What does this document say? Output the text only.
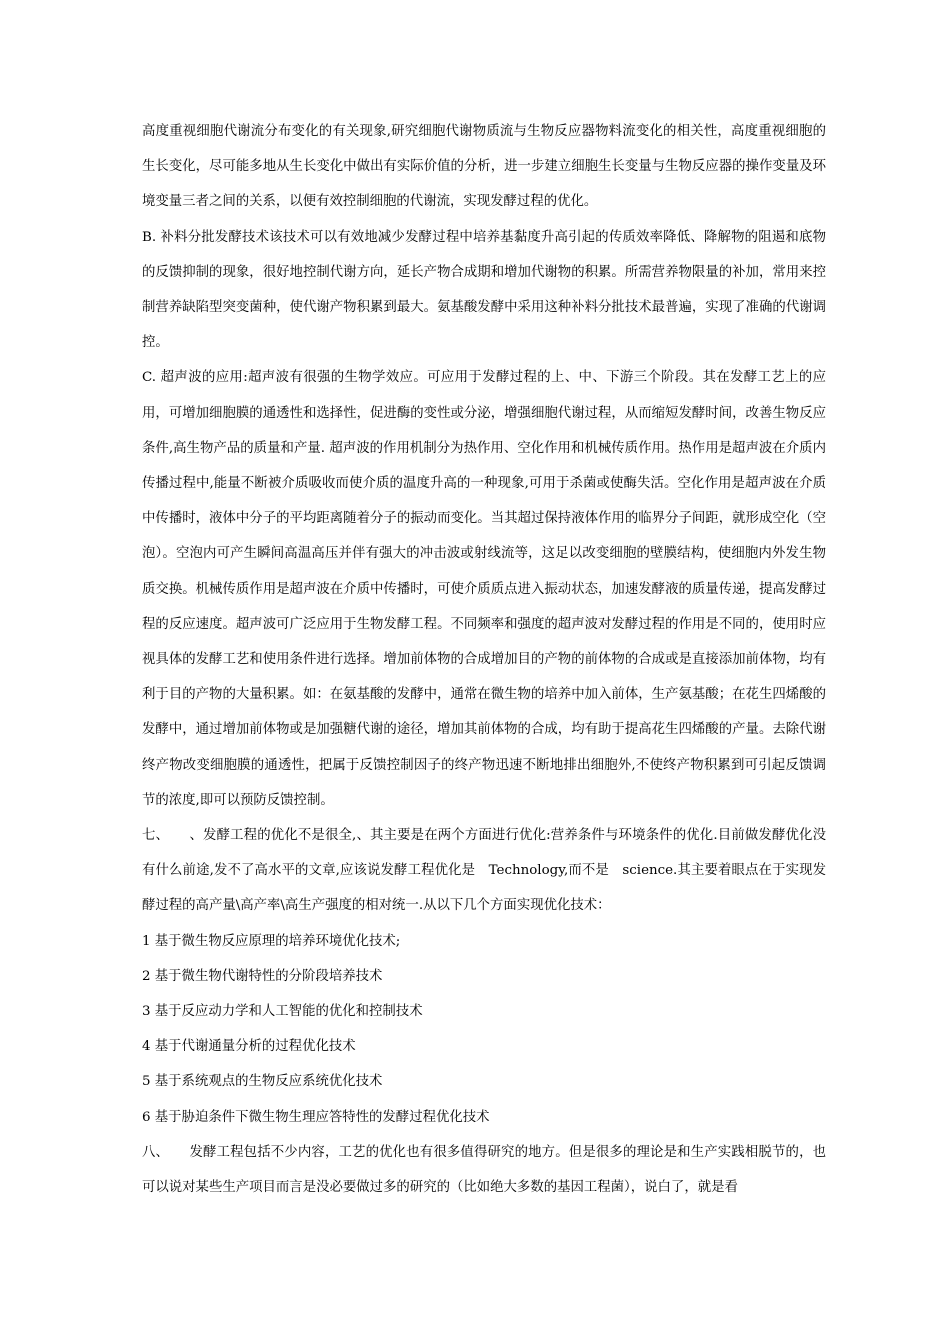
高度重视细胞代谢流分布变化的有关现象,研究细胞代谢物质流与生物反应器物料流变化的相关性，高度重视细胞的生长变化，尽可能多地从生长变化中做出有实际价值的分析，进一步建立细胞生长变量与生物反应器的操作变量及环境变量三者之间的关系，以便有效控制细胞的代谢流，实现发酵过程的优化。

B. 补料分批发酵技术该技术可以有效地减少发酵过程中培养基黏度升高引起的传质效率降低、降解物的阻遏和底物的反馈抑制的现象，很好地控制代谢方向，延长产物合成期和增加代谢物的积累。所需营养物限量的补加，常用来控制营养缺陷型突变菌种，使代谢产物积累到最大。氨基酸发酵中采用这种补料分批技术最普遍，实现了准确的代谢调控。

C. 超声波的应用:超声波有很强的生物学效应。可应用于发酵过程的上、中、下游三个阶段。其在发酵工艺上的应用，可增加细胞膜的通透性和选择性，促进酶的变性或分泌，增强细胞代谢过程，从而缩短发酵时间，改善生物反应条件,高生物产品的质量和产量. 超声波的作用机制分为热作用、空化作用和机械传质作用。热作用是超声波在介质内传播过程中,能量不断被介质吸收而使介质的温度升高的一种现象,可用于杀菌或使酶失活。空化作用是超声波在介质中传播时，液体中分子的平均距离随着分子的振动而变化。当其超过保持液体作用的临界分子间距，就形成空化（空泡）。空泡内可产生瞬间高温高压并伴有强大的冲击波或射线流等，这足以改变细胞的壁膜结构，使细胞内外发生物质交换。机械传质作用是超声波在介质中传播时，可使介质质点进入振动状态，加速发酵液的质量传递，提高发酵过程的反应速度。超声波可广泛应用于生物发酵工程。不同频率和强度的超声波对发酵过程的作用是不同的，使用时应视具体的发酵工艺和使用条件进行选择。增加前体物的合成增加目的产物的前体物的合成或是直接添加前体物，均有利于目的产物的大量积累。如：在氨基酸的发酵中，通常在微生物的培养中加入前体，生产氨基酸；在花生四烯酸的发酵中，通过增加前体物或是加强糖代谢的途径，增加其前体物的合成，均有助于提高花生四烯酸的产量。去除代谢终产物改变细胞膜的通透性，把属于反馈控制因子的终产物迅速不断地排出细胞外,不使终产物积累到可引起反馈调节的浓度,即可以预防反馈控制。

七、　　、发酵工程的优化不是很全,、其主要是在两个方面进行优化:营养条件与环境条件的优化.目前做发酵优化没有什么前途,发不了高水平的文章,应该说发酵工程优化是　Technology,而不是　science.其主要着眼点在于实现发酵过程的高产量\高产率\高生产强度的相对统一.从以下几个方面实现优化技术：

1 基于微生物反应原理的培养环境优化技术;

2 基于微生物代谢特性的分阶段培养技术

3 基于反应动力学和人工智能的优化和控制技术

4 基于代谢通量分析的过程优化技术

5 基于系统观点的生物反应系统优化技术

6 基于胁迫条件下微生物生理应答特性的发酵过程优化技术

八、　　发酵工程包括不少内容，工艺的优化也有很多值得研究的地方。但是很多的理论是和生产实践相脱节的，也可以说对某些生产项目而言是没必要做过多的研究的（比如绝大多数的基因工程菌），说白了，就是看
